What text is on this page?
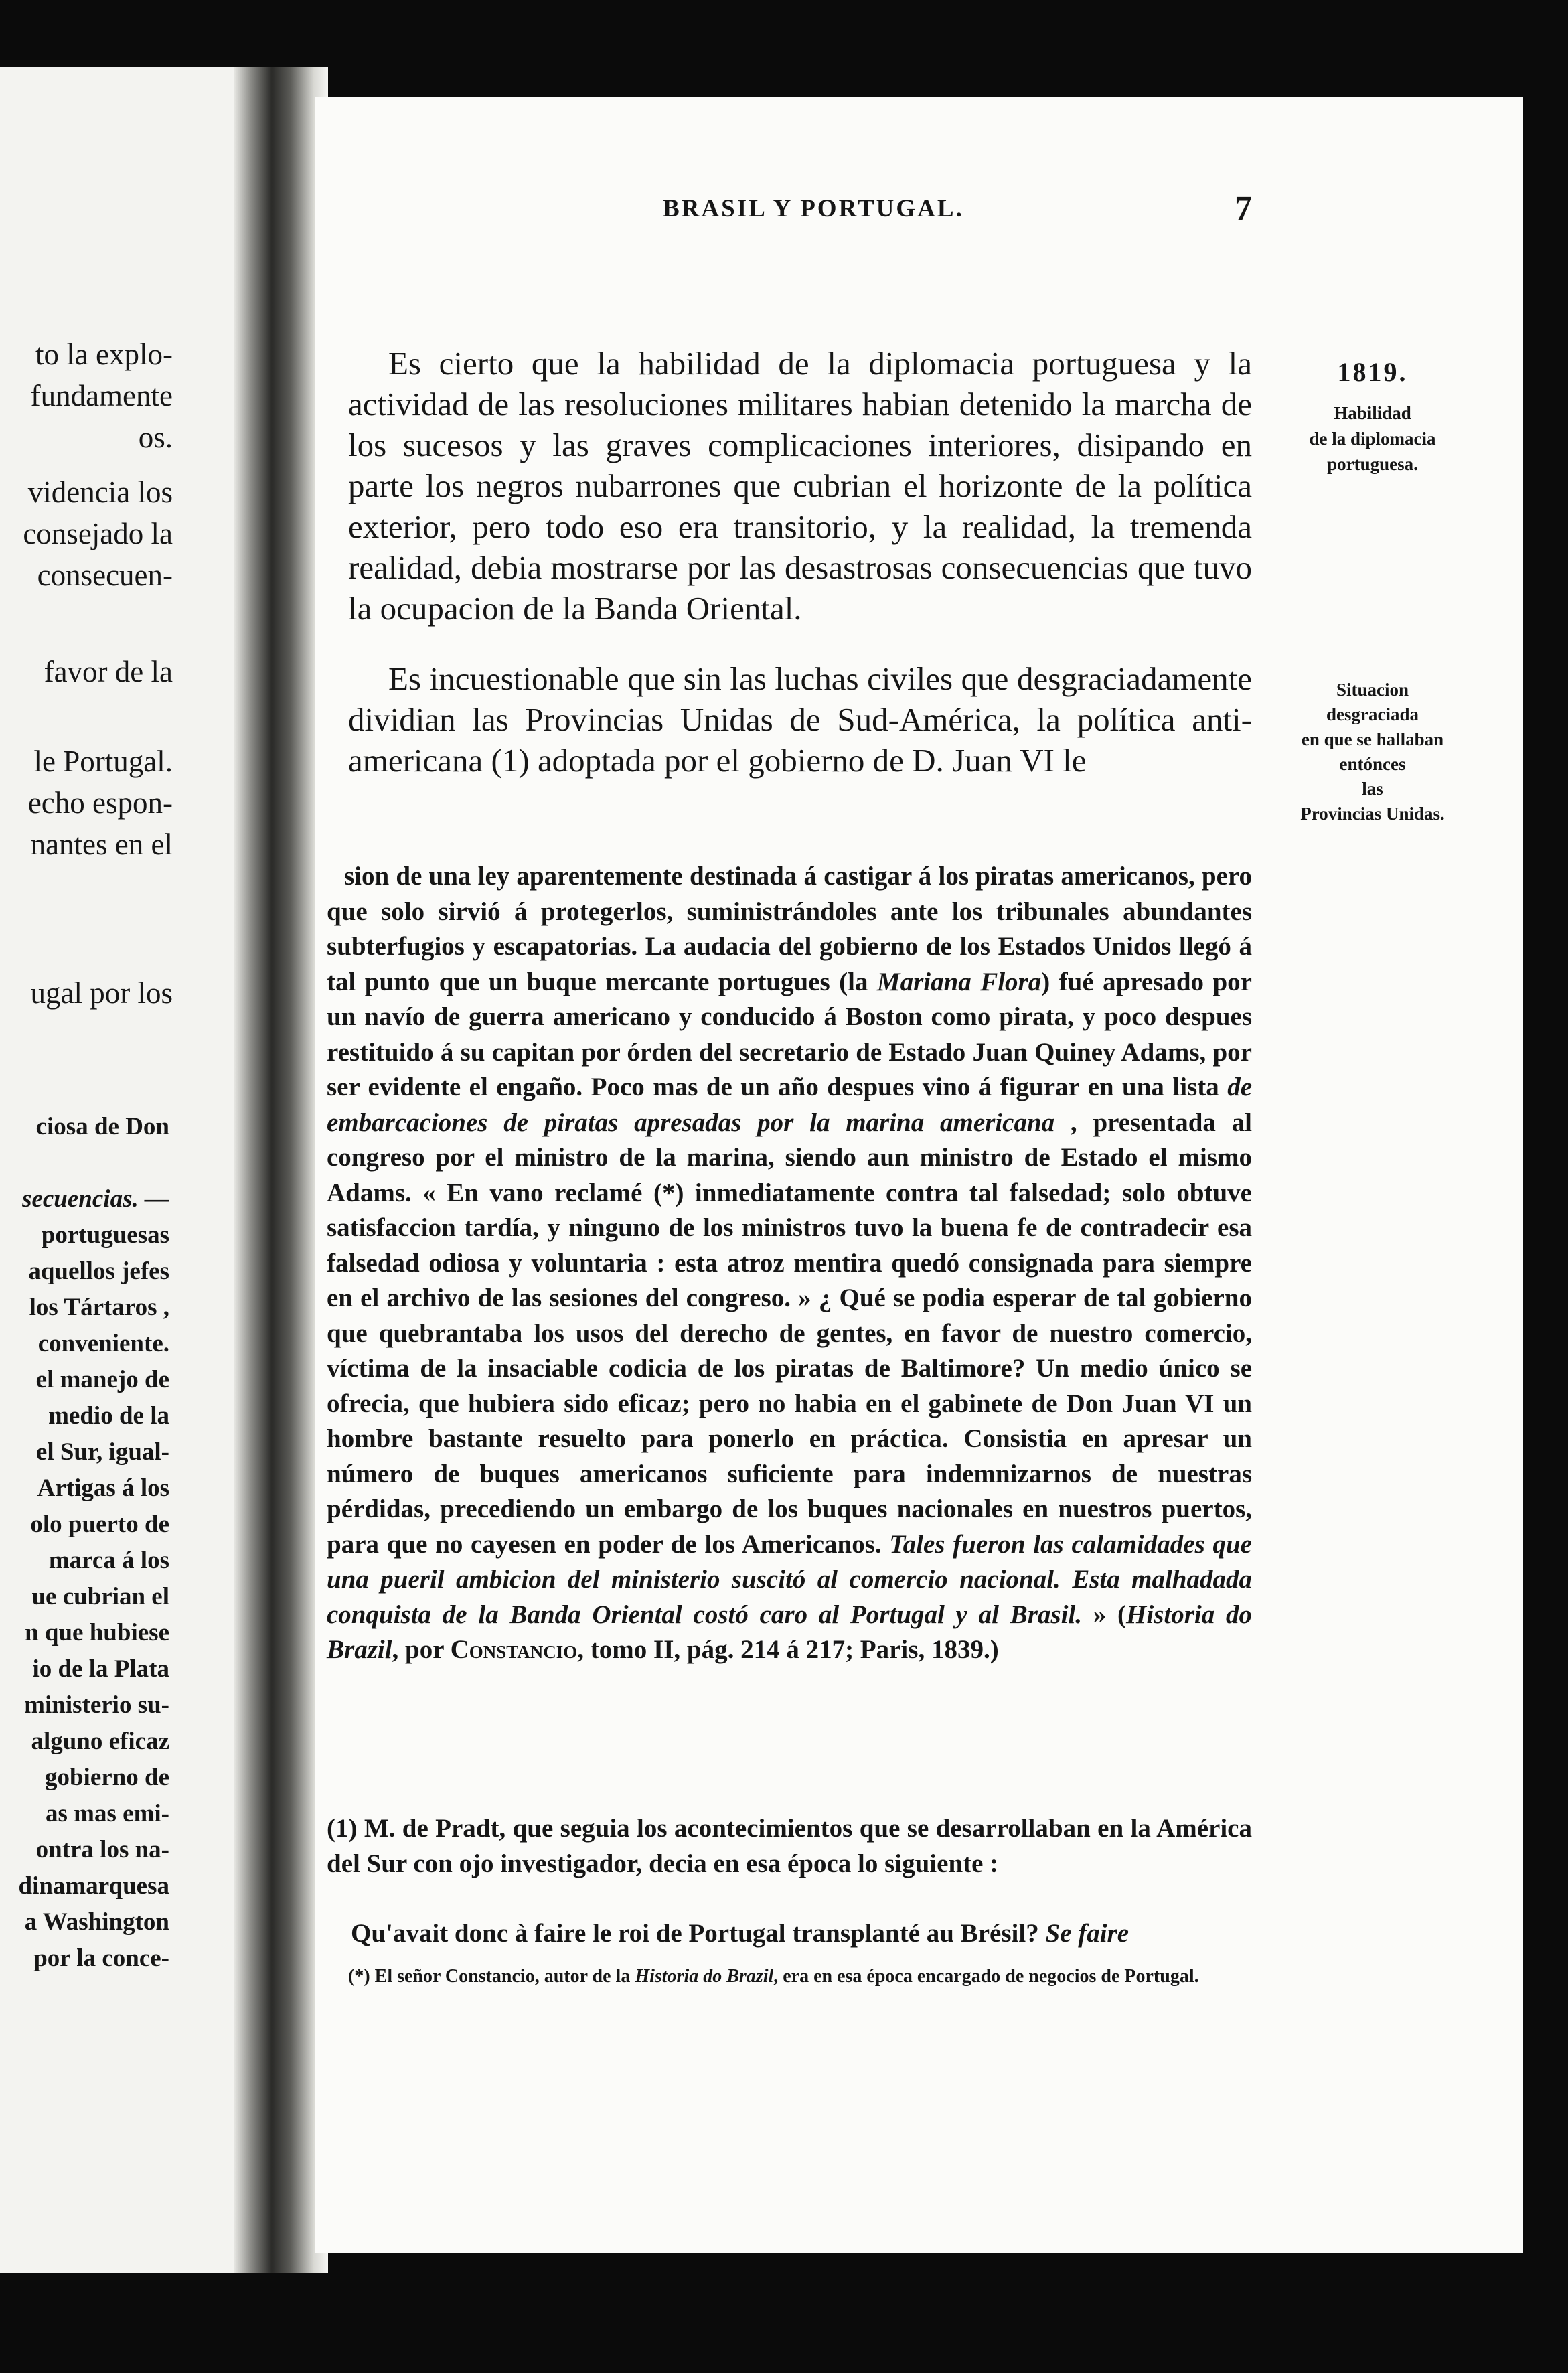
to la explo-

fundamente

os.

videncia los

consejado la

consecuen-

favor de la

le Portugal.

echo espon-

nantes en el

ugal por los

ciosa de Don

secuencias. —

portuguesas

aquellos jefes

los Tártaros ,

conveniente.

el manejo de

medio de la

el Sur, igual-

Artigas á los

olo puerto de

marca á los

ue cubrian el

n que hubiese

io de la Plata

ministerio su-

alguno eficaz

gobierno de

as mas emi-

ontra los na-

dinamarquesa

a Washington

por la conce-

BRASIL Y PORTUGAL.	7

1819.

Habilidad
de la diplomacia
portuguesa.

Situacion
desgraciada
en que se hallaban
entónces
las
Provincias Unidas.

Es cierto que la habilidad de la diplomacia portuguesa y la actividad de las resoluciones militares habian detenido la marcha de los sucesos y las graves complicaciones interiores, disipando en parte los negros nubarrones que cubrian el horizonte de la política exterior, pero todo eso era transitorio, y la realidad, la tremenda realidad, debia mostrarse por las desastrosas consecuencias que tuvo la ocupacion de la Banda Oriental.

Es incuestionable que sin las luchas civiles que desgraciadamente dividian las Provincias Unidas de Sud-América, la política anti-americana (1) adoptada por el gobierno de D. Juan VI le

sion de una ley aparentemente destinada á castigar á los piratas americanos, pero que solo sirvió á protegerlos, suministrándoles ante los tribunales abundantes subterfugios y escapatorias. La audacia del gobierno de los Estados Unidos llegó á tal punto que un buque mercante portugues (la Mariana Flora) fué apresado por un navío de guerra americano y conducido á Boston como pirata, y poco despues restituido á su capitan por órden del secretario de Estado Juan Quiney Adams, por ser evidente el engaño. Poco mas de un año despues vino á figurar en una lista de embarcaciones de piratas apresadas por la marina americana , presentada al congreso por el ministro de la marina, siendo aun ministro de Estado el mismo Adams. « En vano reclamé (*) inmediatamente contra tal falsedad; solo obtuve satisfaccion tardía, y ninguno de los ministros tuvo la buena fe de contradecir esa falsedad odiosa y voluntaria : esta atroz mentira quedó consignada para siempre en el archivo de las sesiones del congreso. » ¿ Qué se podia esperar de tal gobierno que quebrantaba los usos del derecho de gentes, en favor de nuestro comercio, víctima de la insaciable codicia de los piratas de Baltimore? Un medio único se ofrecia, que hubiera sido eficaz; pero no habia en el gabinete de Don Juan VI un hombre bastante resuelto para ponerlo en práctica. Consistia en apresar un número de buques americanos suficiente para indemnizarnos de nuestras pérdidas, precediendo un embargo de los buques nacionales en nuestros puertos, para que no cayesen en poder de los Americanos. Tales fueron las calamidades que una pueril ambicion del ministerio suscitó al comercio nacional. Esta malhadada conquista de la Banda Oriental costó caro al Portugal y al Brasil. » (Historia do Brazil, por Constancio, tomo II, pág. 214 á 217; Paris, 1839.)

(1) M. de Pradt, que seguia los acontecimientos que se desarrollaban en la América del Sur con ojo investigador, decia en esa época lo siguiente :

Qu'avait donc à faire le roi de Portugal transplanté au Brésil? Se faire

(*) El señor Constancio, autor de la Historia do Brazil, era en esa época encargado de negocios de Portugal.
